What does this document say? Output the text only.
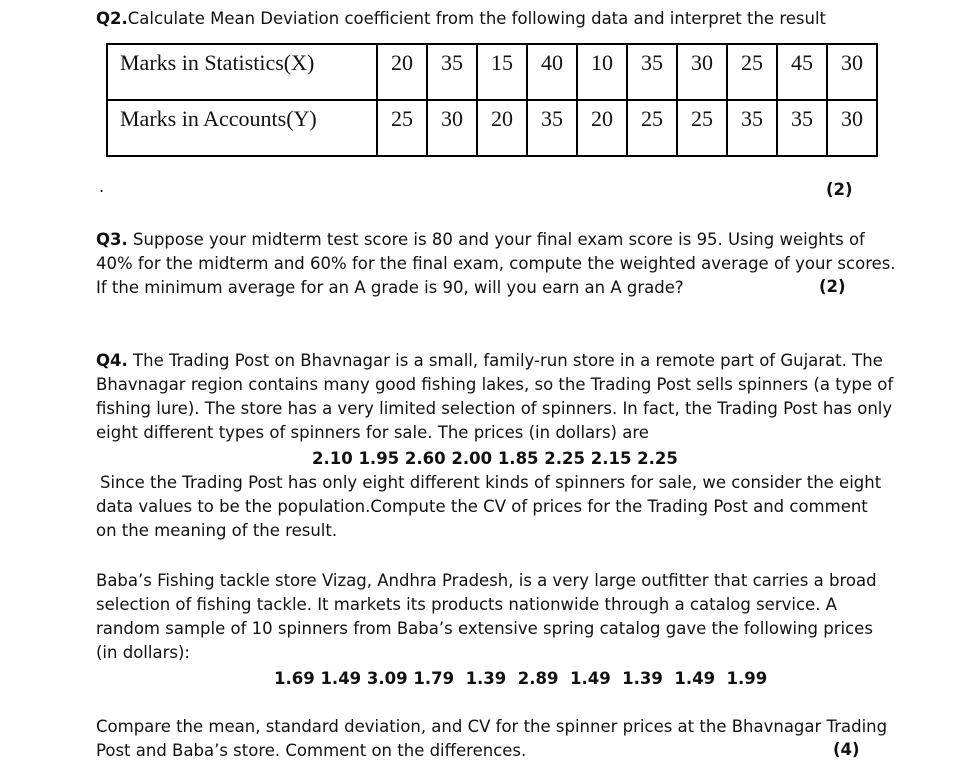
Q2.Calculate Mean Deviation coefficient from the following data and interpret the result
Marks in Statistics(X)	20	35	15	40	10	35	30	25	45	30
Marks in Accounts(Y)	25	30	20	35	20	25	25	35	35	30
.	(2)
Q3. Suppose your midterm test score is 80 and your final exam score is 95. Using weights of
40% for the midterm and 60% for the final exam, compute the weighted average of your scores.
If the minimum average for an A grade is 90, will you earn an A grade?	(2)
Q4. The Trading Post on Bhavnagar is a small, family-run store in a remote part of Gujarat. The
Bhavnagar region contains many good fishing lakes, so the Trading Post sells spinners (a type of
fishing lure). The store has a very limited selection of spinners. In fact, the Trading Post has only
eight different types of spinners for sale. The prices (in dollars) are
2.10 1.95 2.60 2.00 1.85 2.25 2.15 2.25
Since the Trading Post has only eight different kinds of spinners for sale, we consider the eight
data values to be the population.Compute the CV of prices for the Trading Post and comment
on the meaning of the result.
Baba’s Fishing tackle store Vizag, Andhra Pradesh, is a very large outfitter that carries a broad
selection of fishing tackle. It markets its products nationwide through a catalog service. A
random sample of 10 spinners from Baba’s extensive spring catalog gave the following prices
(in dollars):
1.69 1.49 3.09 1.79  1.39  2.89  1.49  1.39  1.49  1.99
Compare the mean, standard deviation, and CV for the spinner prices at the Bhavnagar Trading
Post and Baba’s store. Comment on the differences.	(4)
